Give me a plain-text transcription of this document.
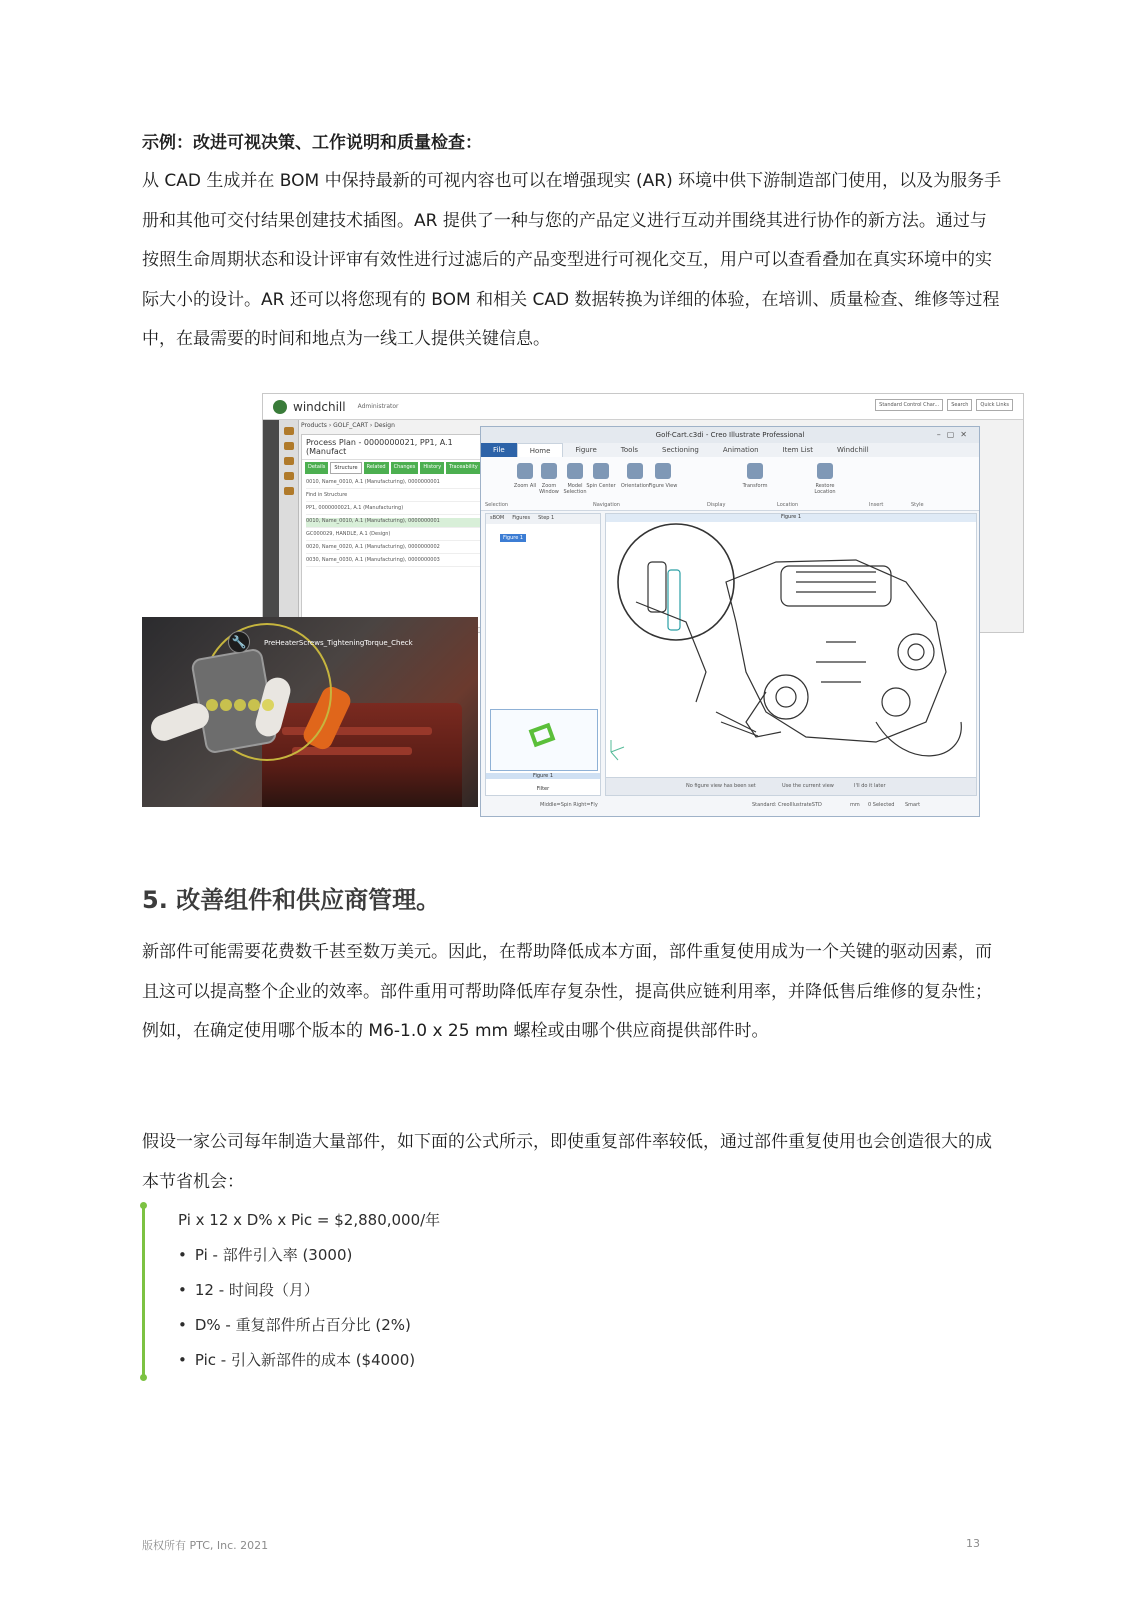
示例：改进可视决策、工作说明和质量检查：

从 CAD 生成并在 BOM 中保持最新的可视内容也可以在增强现实 (AR) 环境中供下游制造部门使用，以及为服务手册和其他可交付结果创建技术插图。AR 提供了一种与您的产品定义进行互动并围绕其进行协作的新方法。通过与按照生命周期状态和设计评审有效性进行过滤后的产品变型进行可视化交互，用户可以查看叠加在真实环境中的实际大小的设计。AR 还可以将您现有的 BOM 和相关 CAD 数据转换为详细的体验，在培训、质量检查、维修等过程中，在最需要的时间和地点为一线工人提供关键信息。

windchill Administrator	Standard Control Char...	Search	Quick Links
Products › GOLF_CART › Design
Process Plan - 0000000021, PP1, A.1 (Manufact
Details	Structure	Related	Changes	History	Traceability
0010, Name_0010, A.1 (Manufacturing), 0000000001
Find in Structure
PP1, 0000000021, A.1 (Manufacturing)
0010, Name_0010, A.1 (Manufacturing), 0000000001
GC000029, HANDLE, A.1 (Design)
0020, Name_0020, A.1 (Manufacturing), 0000000002
0030, Name_0030, A.1 (Manufacturing), 0000000003
Golf-Cart.c3di - Creo Illustrate Professional	–▢✕
File	Home	Figure	Tools	Sectioning	Animation	Item List	Windchill
Zoom All	Zoom Window
Model Selection
Spin Center Orientation Figure View	Transform	Restore Location
Selection	Navigation	Display	Location	Insert	Style
sBOM Figures Step 1
Figure 1
Figure 1
Filter
Figure 1
No figure view has been set	Use the current view	I'll do it later
Middle=Spin Right=Fly	Standard: CreoIllustrateSTD	mm 0 Selected Smart
🔧	PreHeaterScrews_TighteningTorque_Check
5. 改善组件和供应商管理。

新部件可能需要花费数千甚至数万美元。因此，在帮助降低成本方面，部件重复使用成为一个关键的驱动因素，而且这可以提高整个企业的效率。部件重用可帮助降低库存复杂性，提高供应链利用率，并降低售后维修的复杂性；例如，在确定使用哪个版本的 M6-1.0 x 25 mm 螺栓或由哪个供应商提供部件时。

假设一家公司每年制造大量部件，如下面的公式所示，即使重复部件率较低，通过部件重复使用也会创造很大的成本节省机会：

Pi x 12 x D% x Pic = $2,880,000/年
• Pi - 部件引入率 (3000)
• 12 - 时间段（月）
• D% - 重复部件所占百分比 (2%)
• Pic - 引入新部件的成本 ($4000)
版权所有 PTC, Inc. 2021	13
